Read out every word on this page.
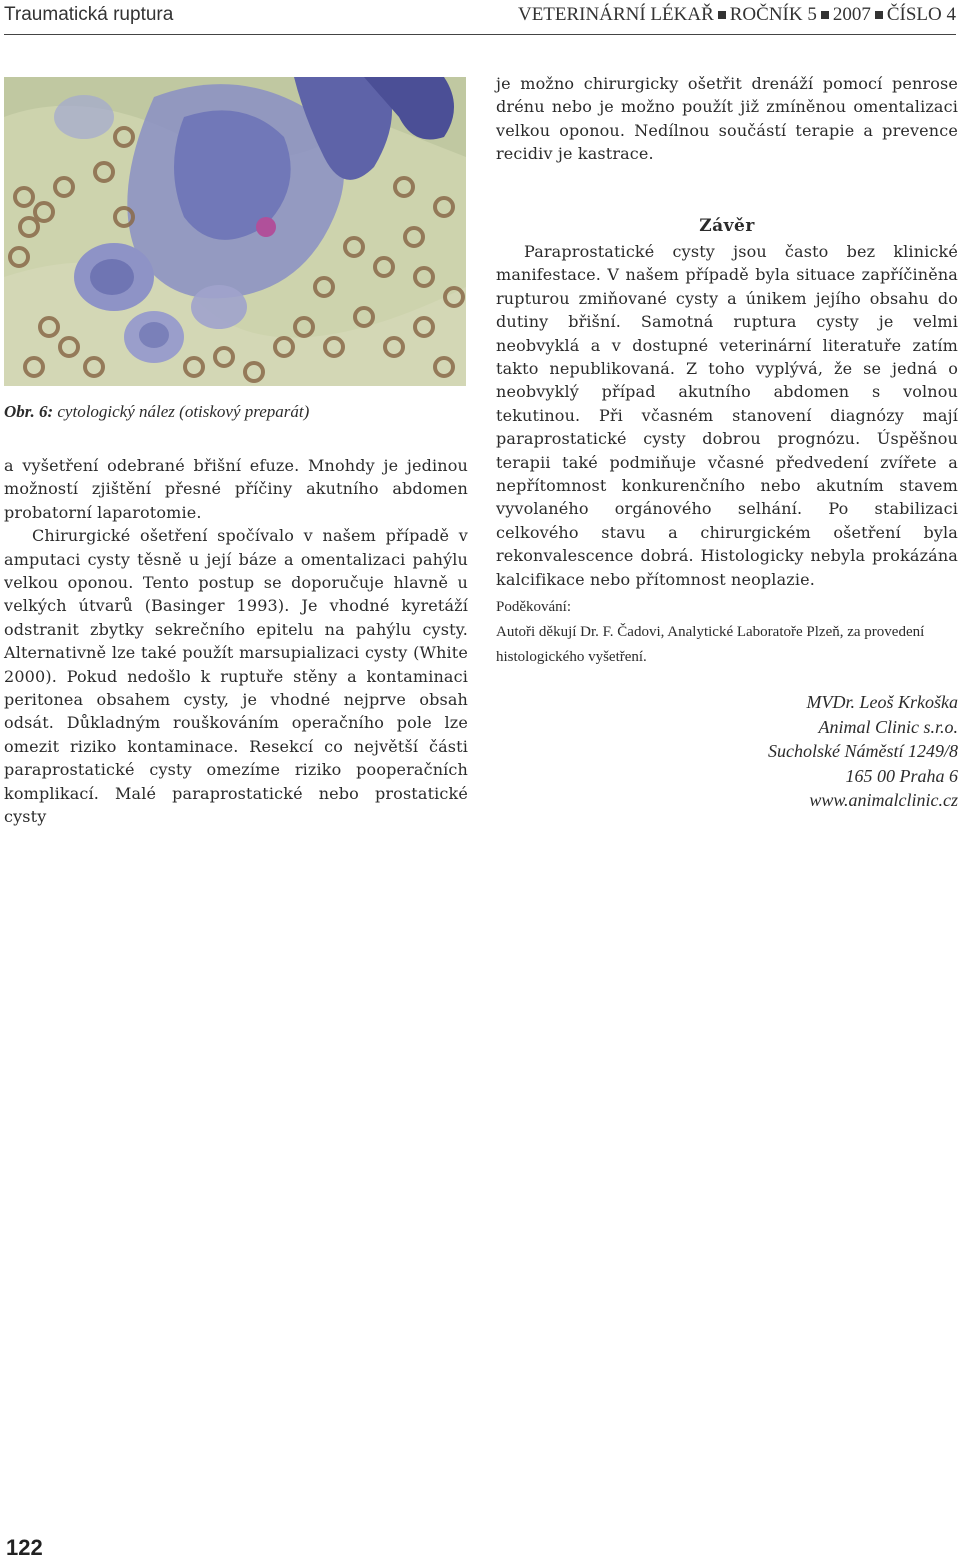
Traumatická ruptura	VETERINÁRNÍ LÉKAŘ ROČNÍK 5 2007 ČÍSLO 4
Obr. 6: cytologický nález (otiskový preparát)

a vyšetření odebrané břišní efuze. Mnohdy je jedinou možností zjištění přesné příčiny akutního abdomen probatorní laparotomie.

Chirurgické ošetření spočívalo v našem případě v amputaci cysty těsně u její báze a omentalizaci pahýlu velkou oponou. Tento postup se doporučuje hlavně u velkých útvarů (Basinger 1993). Je vhodné kyretáží odstranit zbytky sekrečního epitelu na pahýlu cysty. Alternativně lze také použít marsupializaci cysty (White 2000). Pokud nedošlo k ruptuře stěny a kontaminaci peritonea obsahem cysty, je vhodné nejprve obsah odsát. Důkladným rouškováním operačního pole lze omezit riziko kontaminace. Resekcí co největší části paraprostatické cysty omezíme riziko pooperačních komplikací. Malé paraprostatické nebo prostatické cysty

je možno chirurgicky ošetřit drenáží pomocí penrose drénu nebo je možno použít již zmíněnou omentalizaci velkou oponou. Nedílnou součástí terapie a prevence recidiv je kastrace.

Závěr

Paraprostatické cysty jsou často bez klinické manifestace. V našem případě byla situace zapříčiněna rupturou zmiňované cysty a únikem jejího obsahu do dutiny břišní. Samotná ruptura cysty je velmi neobvyklá a v dostupné veterinární literatuře zatím takto nepublikovaná. Z toho vyplývá, že se jedná o neobvyklý případ akutního abdomen s volnou tekutinou. Při včasném stanovení diagnózy mají paraprostatické cysty dobrou prognózu. Úspěšnou terapii také podmiňuje včasné předvedení zvířete a nepřítomnost konkurenčního nebo akutním stavem vyvolaného orgánového selhání. Po stabilizaci celkového stavu a chirurgickém ošetření byla rekonvalescence dobrá. Histologicky nebyla prokázána kalcifikace nebo přítomnost neoplazie.

Poděkování:
Autoři děkují Dr. F. Čadovi, Analytické Laboratoře Plzeň, za provedení histologického vyšetření.
MVDr. Leoš Krkoška
Animal Clinic s.r.o.
Sucholské Náměstí 1249/8
165 00 Praha 6
www.animalclinic.cz
122
